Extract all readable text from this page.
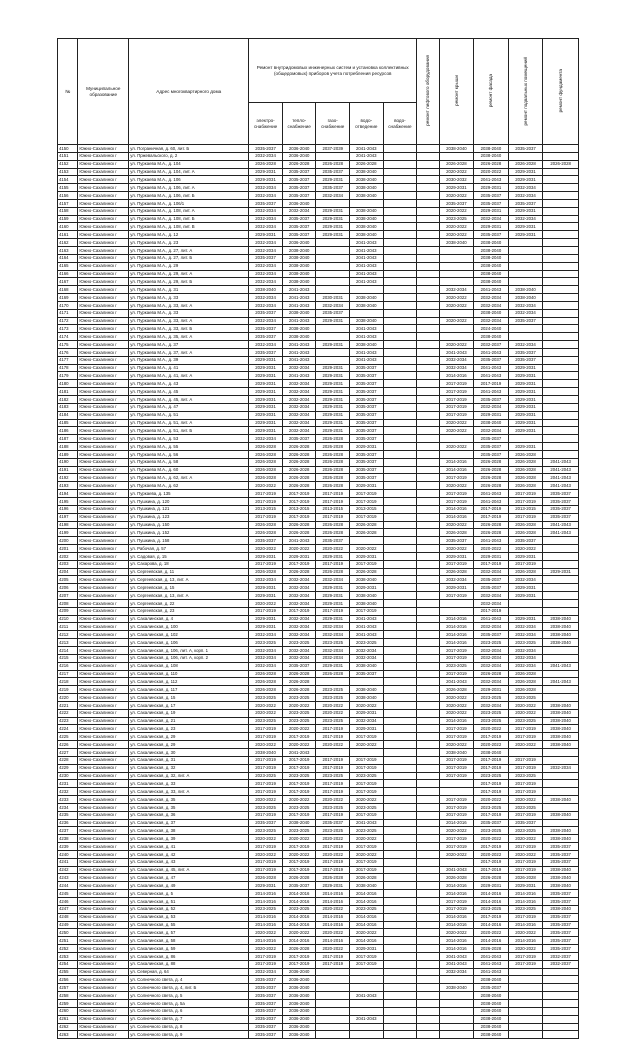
№	Муниципальное образование	Адрес многоквартирного дома	Ремонт внутридомовых инженерных систем и установка коллективных (общедомовых) приборов учета потребления ресурсов					ремонт лифтового оборудования	ремонт крыши	ремонт фасада	ремонт подвальных помещений	ремонт фундамента
			электро-снабжение	тепло-снабжение	газо-снабжение	водо-отведение	водо-снабжение					
4150	Южно-Сахалинск г	ул. Пограничная, д. 60, лит. Б	2035-2037	2036-2040	2037-2039	2041-2043			2038-2040	2038-2040	2035-2037	
4151	Южно-Сахалинск г	ул. Пржевальского, д. 2	2032-2034	2036-2040		2041-2043				2038-2040		
4152	Южно-Сахалинск г	ул. Пуркаева М.А., д. 104	2026-2028	2026-2028	2026-2028	2026-2028			2026-2028	2026-2028	2026-2028	2026-2028
4153	Южно-Сахалинск г	ул. Пуркаева М.А., д. 104, лит. А	2029-2031	2035-2037	2035-2037	2038-2040			2020-2022	2020-2022	2029-2031	
4154	Южно-Сахалинск г	ул. Пуркаева М.А., д. 106	2029-2031	2035-2037	2029-2031	2038-2040			2030-2032	2041-2043	2029-2031	
4155	Южно-Сахалинск г	ул. Пуркаева М.А., д. 106, лит. А	2032-2034	2035-2037	2035-2037	2038-2040			2029-2031	2029-2031	2032-2034	
4156	Южно-Сахалинск г	ул. Пуркаева М.А., д. 106, лит. Б	2032-2034	2035-2037	2032-2034	2038-2040			2020-2022	2035-2037	2032-2034	
4157	Южно-Сахалинск г	ул. Пуркаева М.А., д. 106/1	2035-2037	2036-2040					2035-2037	2035-2037	2035-2037	
4158	Южно-Сахалинск г	ул. Пуркаева М.А., д. 108, лит. А	2032-2034	2032-2034	2029-2031	2038-2040			2020-2022	2029-2031	2029-2031	
4159	Южно-Сахалинск г	ул. Пуркаева М.А., д. 108, лит. Б	2032-2034	2035-2037	2029-2031	2038-2040			2023-2025	2032-2034	2032-2034	
4160	Южно-Сахалинск г	ул. Пуркаева М.А., д. 108, лит. В	2032-2034	2035-2037	2029-2031	2038-2040			2020-2022	2029-2031	2029-2031	
4161	Южно-Сахалинск г	ул. Пуркаева М.А., д. 12	2029-2031	2035-2037	2029-2031	2038-2040			2020-2022	2035-2037	2029-2031	
4162	Южно-Сахалинск г	ул. Пуркаева М.А., д. 23	2032-2034	2036-2040		2041-2043			2038-2040	2038-2040		
4163	Южно-Сахалинск г	ул. Пуркаева М.А., д. 27, лит. А	2032-2034	2038-2040		2041-2043				2038-2040		
4164	Южно-Сахалинск г	ул. Пуркаева М.А., д. 27, лит. Б	2035-2037	2038-2040		2041-2043				2038-2040		
4165	Южно-Сахалинск г	ул. Пуркаева М.А., д. 29	2032-2034	2038-2040		2041-2043				2038-2040		
4166	Южно-Сахалинск г	ул. Пуркаева М.А., д. 29, лит. А	2032-2034	2038-2040		2041-2043				2038-2040		
4167	Южно-Сахалинск г	ул. Пуркаева М.А., д. 29, лит. Б	2032-2034	2038-2040		2041-2043				2038-2040		
4168	Южно-Сахалинск г	ул. Пуркаева М.А., д. 31	2038-2040	2041-2043					2032-2034	2041-2043	2038-2040	
4169	Южно-Сахалинск г	ул. Пуркаева М.А., д. 33	2032-2034	2041-2043	2030-2031	2038-2040			2020-2022	2032-2034	2038-2040	
4170	Южно-Сахалинск г	ул. Пуркаева М.А., д. 33, лит. А	2032-2034	2041-2043	2032-2034	2038-2040			2020-2022	2032-2034	2032-2034	
4171	Южно-Сахалинск г	ул. Пуркаева М.А., д. 33	2035-2037	2038-2040	2035-2037					2038-2040	2032-2034	
4172	Южно-Сахалинск г	ул. Пуркаева М.А., д. 33, лит. А	2032-2034	2041-2043	2029-2031	2038-2040			2020-2022	2032-2034	2035-2037	
4173	Южно-Сахалинск г	ул. Пуркаева М.А., д. 33, лит. Б	2035-2037	2038-2040		2041-2043				2024-2040		
4174	Южно-Сахалинск г	ул. Пуркаева М.А., д. 35, лит. А	2035-2037	2038-2040		2041-2043				2038-2040		
4175	Южно-Сахалинск г	ул. Пуркаева М.А., д. 37	2032-2034	2041-2043	2029-2031	2038-2040			2020-2022	2032-2037	2032-2034	
4176	Южно-Сахалинск г	ул. Пуркаева М.А., д. 37, лит. А	2035-2037	2041-2043		2041-2043			2041-2043	2041-2043	2035-2037	
4177	Южно-Сахалинск г	ул. Пуркаева М.А., д. 39	2029-2031	2041-2043		2041-2043			2032-2034	2035-2037	2035-2037	
4178	Южно-Сахалинск г	ул. Пуркаева М.А., д. 41	2029-2031	2032-2034	2029-2031	2035-2037			2032-2034	2041-2043	2029-2031	
4179	Южно-Сахалинск г	ул. Пуркаева М.А., д. 41, лит. А	2029-2031	2041-2043	2029-2031	2035-2037			2014-2016	2041-2043	2029-2031	
4180	Южно-Сахалинск г	ул. Пуркаева М.А., д. 43	2029-2031	2032-2034	2029-2031	2035-2037			2017-2019	2017-2019	2029-2031	
4181	Южно-Сахалинск г	ул. Пуркаева М.А., д. 45	2029-2031	2032-2034	2029-2031	2035-2037			2017-2019	2041-2043	2029-2031	
4182	Южно-Сахалинск г	ул. Пуркаева М.А., д. 45, лит. А	2029-2031	2032-2034	2029-2031	2035-2037			2017-2019	2035-2037	2029-2031	
4183	Южно-Сахалинск г	ул. Пуркаева М.А., д. 47	2029-2031	2032-2034	2029-2031	2035-2037			2017-2019	2032-2034	2029-2031	
4184	Южно-Сахалинск г	ул. Пуркаева М.А., д. 51	2029-2031	2032-2034	2029-2031	2035-2037			2017-2019	2029-2031	2029-2031	
4185	Южно-Сахалинск г	ул. Пуркаева М.А., д. 51, лит. А	2029-2031	2032-2034	2029-2031	2035-2037			2020-2022	2038-2040	2029-2031	
4186	Южно-Сахалинск г	ул. Пуркаева М.А., д. 51, лит. Б	2029-2031	2032-2034	2029-2031	2035-2037			2020-2022	2032-2034	2029-2031	
4187	Южно-Сахалинск г	ул. Пуркаева М.А., д. 53	2032-2034	2035-2037	2026-2028	2035-2037				2035-2037		
4188	Южно-Сахалинск г	ул. Пуркаева М.А., д. 55	2026-2028	2026-2028	2026-2028	2029-2031			2020-2022	2035-2037	2029-2031	
4189	Южно-Сахалинск г	ул. Пуркаева М.А., д. 56	2026-2028	2026-2028	2026-2028	2035-2037				2035-2037	2026-2028	
4190	Южно-Сахалинск г	ул. Пуркаева М.А., д. 58	2026-2028	2026-2028	2026-2028	2035-2037			2014-2016	2026-2028	2026-2028	2041-2043
4191	Южно-Сахалинск г	ул. Пуркаева М.А., д. 60	2026-2028	2026-2028	2026-2028	2035-2037			2014-2016	2026-2028	2026-2028	2041-2043
4192	Южно-Сахалинск г	ул. Пуркаева М.А., д. 62, лит. А	2026-2028	2026-2028	2026-2028	2035-2037			2017-2019	2026-2028	2026-2028	2041-2043
4193	Южно-Сахалинск г	ул. Пуркаева М.А., д. 62	2020-2022	2026-2028	2026-2028	2029-2031			2020-2022	2026-2028	2026-2028	2041-2043
4194	Южно-Сахалинск г	ул. Пуркаева, д. 135	2017-2019	2017-2019	2017-2019	2017-2019			2017-2019	2041-2043	2017-2019	2035-2037
4195	Южно-Сахалинск г	ул. Пушкина, д. 120	2017-2019	2017-2019	2017-2019	2017-2019			2017-2019	2041-2043	2017-2019	2035-2037
4196	Южно-Сахалинск г	ул. Пушкина, д. 121	2013-2015	2013-2015	2013-2015	2013-2015			2014-2016	2017-2019	2013-2015	2035-2037
4197	Южно-Сахалинск г	ул. Пушкина, д. 123	2017-2019	2017-2019	2017-2019	2017-2019			2014-2016	2017-2019	2017-2019	2035-2037
4198	Южно-Сахалинск г	ул. Пушкина, д. 150	2026-2028	2026-2028	2026-2028	2026-2028			2020-2022	2026-2028	2026-2028	2041-2043
4199	Южно-Сахалинск г	ул. Пушкина, д. 152	2026-2028	2026-2028	2026-2028	2026-2028			2026-2028	2026-2028	2026-2028	2041-2043
4200	Южно-Сахалинск г	ул. Пушкина, д. 158	2035-2037	2041-2043	2035-2037				2035-2037	2041-2043	2035-2037	
4201	Южно-Сахалинск г	ул. Рабочая, д. 57	2020-2022	2020-2022	2020-2022	2020-2022			2020-2022	2020-2022	2020-2022	
4202	Южно-Сахалинск г	ул. Садовая, д. 15	2029-2031	2029-2031	2029-2031	2029-2031			2029-2031	2029-2031	2029-2031	
4203	Южно-Сахалинск г	ул. Сахарова, д. 18	2017-2019	2017-2019	2017-2019	2017-2019			2017-2019	2017-2019	2017-2019	
4204	Южно-Сахалинск г	ул. Сергеевская, д. 11	2026-2028	2026-2028	2026-2028	2026-2028			2026-2028	2032-2034	2026-2028	2029-2031
4205	Южно-Сахалинск г	ул. Сергеевская, д. 13, лит. А	2032-2034	2032-2034	2032-2034	2038-2040			2032-2034	2035-2037	2032-2034	
4206	Южно-Сахалинск г	ул. Сергеевская, д. 15	2029-2031	2032-2034	2029-2031	2029-2031			2029-2031	2035-2037	2029-2031	
4207	Южно-Сахалинск г	ул. Сергеевская, д. 13, лит. А	2029-2031	2032-2034	2029-2031	2038-2040			2017-2019	2032-2034	2029-2031	
4208	Южно-Сахалинск г	ул. Сергеевская, д. 22	2020-2022	2032-2034	2029-2031	2038-2040				2032-2034		
4209	Южно-Сахалинск г	ул. Сергеевская, д. 23	2017-2019	2017-2019	2017-2019	2017-2019				2017-2019		
4210	Южно-Сахалинск г	ул. Сахалинская, д. 4	2029-2031	2032-2034	2029-2031	2041-2043			2014-2016	2041-2043	2029-2031	2038-2040
4211	Южно-Сахалинск г	ул. Сахалинская, д. 100	2029-2031	2032-2034	2032-2034	2041-2043			2014-2016	2032-2034	2032-2034	2038-2040
4212	Южно-Сахалинск г	ул. Сахалинская, д. 102	2032-2034	2032-2034	2032-2034	2041-2043			2014-2016	2035-2037	2032-2034	2038-2040
4213	Южно-Сахалинск г	ул. Сахалинская, д. 106	2023-2025	2023-2025	2023-2025	2023-2025			2014-2016	2023-2025	2023-2025	2038-2040
4214	Южно-Сахалинск г	ул. Сахалинская, д. 106, лит. А, корп. 1	2032-2034	2032-2034	2032-2034	2032-2034			2017-2019	2032-2034	2032-2034	
4215	Южно-Сахалинск г	ул. Сахалинская, д. 106, лит. А, корп. 2	2032-2034	2032-2034	2032-2034	2032-2034			2017-2019	2032-2034	2032-2034	
4216	Южно-Сахалинск г	ул. Сахалинская, д. 108	2032-2034	2035-2037	2029-2031	2038-2040			2023-2025	2032-2034	2032-2034	2041-2043
4217	Южно-Сахалинск г	ул. Сахалинская, д. 110	2026-2028	2026-2028	2026-2028	2035-2037			2017-2019	2026-2028	2026-2028	
4218	Южно-Сахалинск г	ул. Сахалинская, д. 112	2026-2028	2026-2028					2041-2043	2032-2034	2026-2028	2041-2043
4219	Южно-Сахалинск г	ул. Сахалинская, д. 117	2026-2028	2026-2028	2023-2025	2038-2040			2026-2028	2029-2031	2026-2028	
4220	Южно-Сахалинск г	ул. Сахалинская, д. 15	2023-2025	2023-2025	2023-2025	2038-2040			2020-2022	2023-2025	2023-2025	
4221	Южно-Сахалинск г	ул. Сахалинская, д. 17	2020-2022	2020-2022	2020-2022	2020-2022			2020-2022	2032-2034	2020-2022	2038-2040
4222	Южно-Сахалинск г	ул. Сахалинская, д. 19	2020-2022	2023-2025	2020-2022	2029-2031			2020-2022	2023-2025	2020-2022	2038-2040
4223	Южно-Сахалинск г	ул. Сахалинская, д. 21	2023-2025	2023-2025	2023-2025	2032-2034			2014-2016	2023-2025	2023-2025	2038-2040
4224	Южно-Сахалинск г	ул. Сахалинская, д. 23	2017-2019	2020-2022	2017-2019	2029-2031			2017-2019	2020-2022	2017-2019	2038-2040
4225	Южно-Сахалинск г	ул. Сахалинская, д. 29	2017-2019	2017-2019	2017-2019	2017-2019			2017-2019	2017-2019	2017-2019	2038-2040
4226	Южно-Сахалинск г	ул. Сахалинская, д. 29	2020-2022	2020-2022	2020-2022	2020-2022			2020-2022	2020-2022	2020-2022	2038-2040
4227	Южно-Сахалинск г	ул. Сахалинская, д. 30	2038-2040	2041-2043					2038-2040	2038-2040		
4228	Южно-Сахалинск г	ул. Сахалинская, д. 31	2017-2019	2017-2019	2017-2019	2017-2019			2017-2019	2017-2019	2017-2019	
4229	Южно-Сахалинск г	ул. Сахалинская, д. 32	2017-2019	2017-2019	2017-2019	2017-2019			2017-2019	2017-2019	2017-2019	2032-2034
4230	Южно-Сахалинск г	ул. Сахалинская, д. 32, лит. А	2023-2025	2023-2025	2023-2025	2023-2025			2017-2019	2023-2025	2023-2025	
4231	Южно-Сахалинск г	ул. Сахалинская, д. 33	2017-2019	2017-2019	2017-2019	2017-2019				2017-2019	2017-2019	
4232	Южно-Сахалинск г	ул. Сахалинская, д. 33, лит. А	2017-2019	2017-2019	2017-2019	2017-2019				2017-2019	2017-2019	
4233	Южно-Сахалинск г	ул. Сахалинская, д. 35	2020-2022	2020-2022	2020-2022	2020-2022			2017-2019	2020-2022	2020-2022	2038-2040
4234	Южно-Сахалинск г	ул. Сахалинская, д. 35	2023-2025	2023-2025	2023-2025	2023-2025			2017-2019	2023-2025	2023-2025	
4235	Южно-Сахалинск г	ул. Сахалинская, д. 36	2017-2019	2017-2019	2017-2019	2017-2019			2017-2019	2017-2019	2017-2019	2038-2040
4236	Южно-Сахалинск г	ул. Сахалинская, д. 37	2035-2037	2038-2040	2035-2037	2041-2043			2014-2016	2035-2037	2035-2037	
4237	Южно-Сахалинск г	ул. Сахалинская, д. 38	2023-2025	2023-2025	2023-2025	2023-2025			2020-2022	2023-2025	2023-2025	2038-2040
4238	Южно-Сахалинск г	ул. Сахалинская, д. 39	2020-2022	2020-2022	2020-2022	2020-2022			2017-2019	2020-2022	2020-2022	2038-2040
4239	Южно-Сахалинск г	ул. Сахалинская, д. 41	2017-2019	2017-2019	2017-2019	2017-2019			2017-2019	2017-2019	2017-2019	2035-2037
4240	Южно-Сахалинск г	ул. Сахалинская, д. 42	2020-2022	2020-2022	2020-2022	2020-2022			2020-2022	2020-2022	2020-2022	2035-2037
4241	Южно-Сахалинск г	ул. Сахалинская, д. 43	2017-2019	2017-2019	2017-2019	2017-2019				2017-2019	2017-2019	2035-2037
4242	Южно-Сахалинск г	ул. Сахалинская, д. 45, лит. А	2017-2019	2017-2019	2017-2019	2017-2019			2041-2043	2017-2019	2017-2019	2038-2040
4243	Южно-Сахалинск г	ул. Сахалинская, д. 47	2026-2028	2026-2028	2026-2028	2026-2028			2026-2028	2026-2028	2026-2028	2038-2040
4244	Южно-Сахалинск г	ул. Сахалинская, д. 49	2029-2031	2035-2037	2029-2031	2038-2040			2014-2016	2029-2031	2029-2031	2038-2040
4245	Южно-Сахалинск г	ул. Сахалинская, д. 5	2014-2016	2014-2016	2014-2016	2014-2016			2014-2016	2014-2016	2014-2016	2035-2037
4246	Южно-Сахалинск г	ул. Сахалинская, д. 51	2014-2016	2014-2016	2014-2016	2014-2016			2017-2019	2014-2016	2014-2016	2035-2037
4247	Южно-Сахалинск г	ул. Сахалинская, д. 52	2023-2025	2023-2025	2020-2022	2023-2025			2017-2019	2023-2025	2023-2025	2038-2040
4248	Южно-Сахалинск г	ул. Сахалинская, д. 53	2014-2016	2014-2016	2014-2016	2014-2016			2014-2016	2017-2019	2017-2019	2035-2037
4249	Южно-Сахалинск г	ул. Сахалинская, д. 55	2014-2016	2014-2016	2014-2016	2014-2016			2014-2016	2014-2016	2014-2016	2035-2037
4250	Южно-Сахалинск г	ул. Сахалинская, д. 57	2020-2022	2020-2022	2020-2022	2020-2022			2020-2022	2020-2022	2020-2022	2035-2037
4251	Южно-Сахалинск г	ул. Сахалинская, д. 58	2014-2016	2014-2016	2014-2016	2014-2016			2014-2016	2014-2016	2014-2016	2035-2037
4252	Южно-Сахалинск г	ул. Сахалинская, д. 59	2020-2022	2026-2028	2020-2022	2029-2031			2014-2016	2026-2028	2020-2022	2035-2037
4253	Южно-Сахалинск г	ул. Сахалинская, д. 86	2017-2019	2017-2019	2017-2019	2017-2019			2041-2043	2041-2043	2017-2019	2032-2037
4254	Южно-Сахалинск г	ул. Сахалинская, д. 88	2017-2019	2017-2019	2017-2019	2017-2019			2041-2043	2041-2043	2017-2019	2032-2037
4255	Южно-Сахалинск г	ул. Северная, д. 64	2032-2034	2036-2040					2032-2034	2041-2043		
4256	Южно-Сахалинск г	ул. Солнечного света, д. 4	2035-2037	2036-2040						2038-2040		
4257	Южно-Сахалинск г	ул. Солнечного света, д. 4, лит. Б	2035-2037	2036-2040					2038-2040	2035-2037		
4258	Южно-Сахалинск г	ул. Солнечного света, д. 5	2035-2037	2036-2040		2041-2043				2038-2040		
4259	Южно-Сахалинск г	ул. Солнечного света, д. 5а	2035-2037	2036-2040						2038-2040		
4260	Южно-Сахалинск г	ул. Солнечного света, д. 6	2035-2037	2036-2040						2038-2040		
4261	Южно-Сахалинск г	ул. Солнечного света, д. 7	2035-2037	2036-2040		2041-2043				2038-2040		
4262	Южно-Сахалинск г	ул. Солнечного света, д. 8	2035-2037	2036-2040						2038-2040		
4263	Южно-Сахалинск г	ул. Солнечного света, д. 9	2035-2037	2036-2040						2038-2040		
